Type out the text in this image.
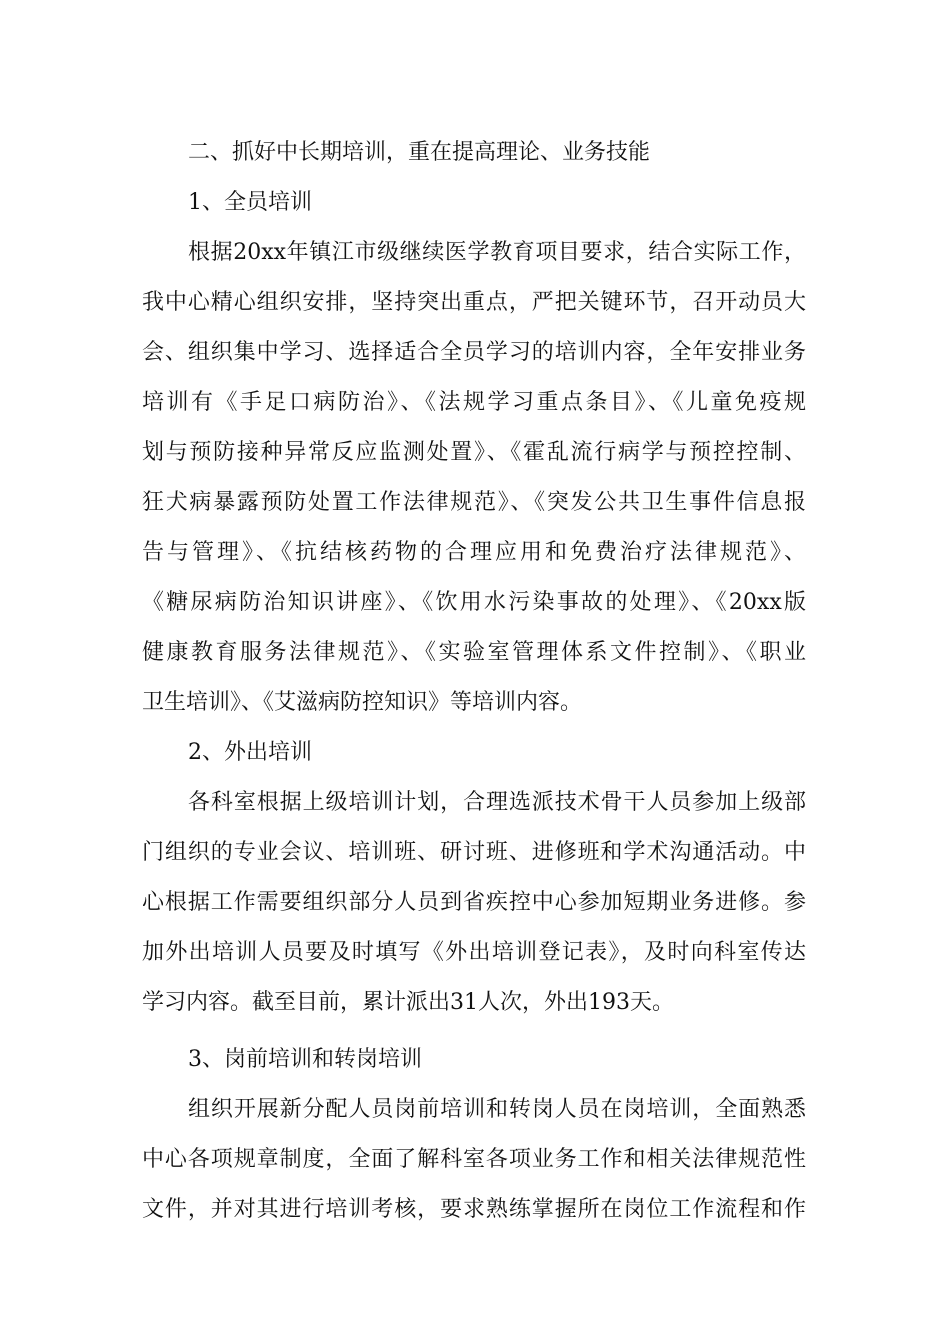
二、抓好中长期培训，重在提高理论、业务技能
1、全员培训
根据20xx年镇江市级继续医学教育项目要求，结合实际工作，
我中心精心组织安排，坚持突出重点，严把关键环节，召开动员大
会、组织集中学习、选择适合全员学习的培训内容，全年安排业务
培训有《手足口病防治》、《法规学习重点条目》、《儿童免疫规
划与预防接种异常反应监测处置》、《霍乱流行病学与预控控制、
狂犬病暴露预防处置工作法律规范》、《突发公共卫生事件信息报
告与管理》、《抗结核药物的合理应用和免费治疗法律规范》、
《糖尿病防治知识讲座》、《饮用水污染事故的处理》、《20xx版
健康教育服务法律规范》、《实验室管理体系文件控制》、《职业
卫生培训》、《艾滋病防控知识》等培训内容。
2、外出培训
各科室根据上级培训计划，合理选派技术骨干人员参加上级部
门组织的专业会议、培训班、研讨班、进修班和学术沟通活动。中
心根据工作需要组织部分人员到省疾控中心参加短期业务进修。参
加外出培训人员要及时填写《外出培训登记表》，及时向科室传达
学习内容。截至目前，累计派出31人次，外出193天。
3、岗前培训和转岗培训
组织开展新分配人员岗前培训和转岗人员在岗培训，全面熟悉
中心各项规章制度，全面了解科室各项业务工作和相关法律规范性
文件，并对其进行培训考核，要求熟练掌握所在岗位工作流程和作
